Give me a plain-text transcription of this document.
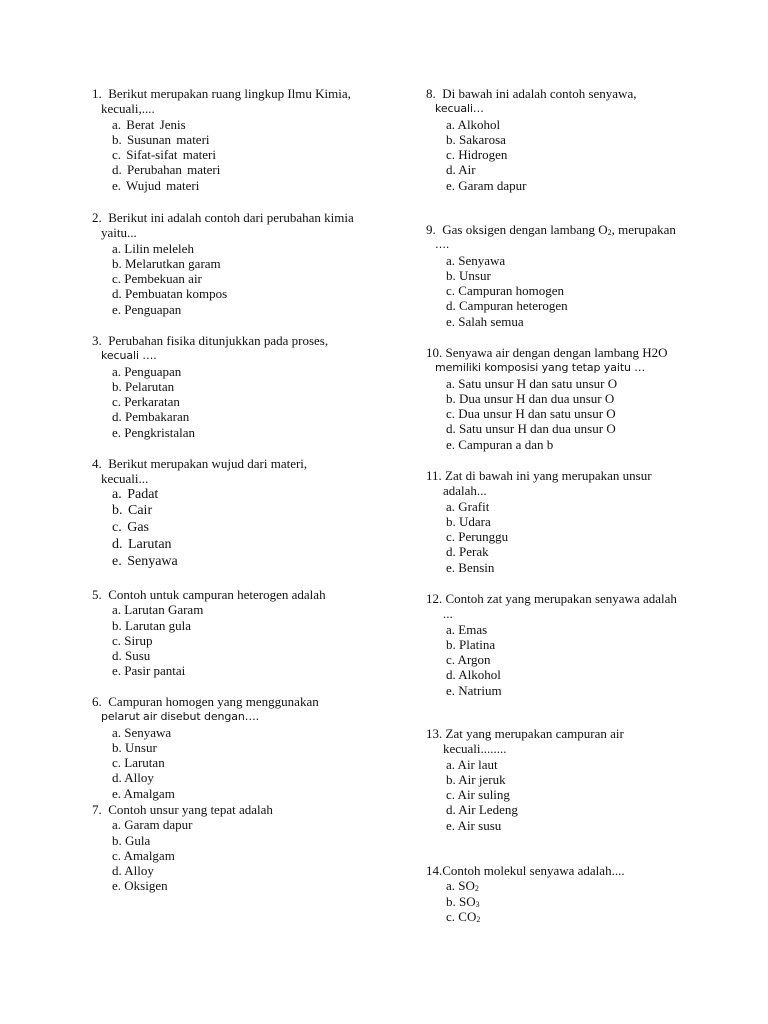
1. Berikut merupakan ruang lingkup Ilmu Kimia,
kecuali,....
a. Berat Jenis
b. Susunan materi
c. Sifat-sifat materi
d. Perubahan materi
e. Wujud materi
2. Berikut ini adalah contoh dari perubahan kimia
yaitu...
a. Lilin meleleh
b. Melarutkan garam
c. Pembekuan air
d. Pembuatan kompos
e. Penguapan
3. Perubahan fisika ditunjukkan pada proses,
kecuali ….
a. Penguapan
b. Pelarutan
c. Perkaratan
d. Pembakaran
e. Pengkristalan
4. Berikut merupakan wujud dari materi,
kecuali...
a. Padat
b. Cair
c. Gas
d. Larutan
e. Senyawa
5. Contoh untuk campuran heterogen adalah
a. Larutan Garam
b. Larutan gula
c. Sirup
d. Susu
e. Pasir pantai
6. Campuran homogen yang menggunakan
pelarut air disebut dengan….
a. Senyawa
b. Unsur
c. Larutan
d. Alloy
e. Amalgam
7. Contoh unsur yang tepat adalah
a. Garam dapur
b. Gula
c. Amalgam
d. Alloy
e. Oksigen
8. Di bawah ini adalah contoh senyawa,
kecuali…
a. Alkohol
b. Sakarosa
c. Hidrogen
d. Air
e. Garam dapur
9. Gas oksigen dengan lambang $O_2$, merupakan
….
a. Senyawa
b. Unsur
c. Campuran homogen
d. Campuran heterogen
e. Salah semua
10. Senyawa air dengan dengan lambang H2O
memiliki komposisi yang tetap yaitu …
a. Satu unsur H dan satu unsur O
b. Dua unsur H dan dua unsur O
c. Dua unsur H dan satu unsur O
d. Satu unsur H dan dua unsur O
e. Campuran a dan b
11. Zat di bawah ini yang merupakan unsur
adalah...
a. Grafit
b. Udara
c. Perunggu
d. Perak
e. Bensin
12. Contoh zat yang merupakan senyawa adalah
...
a. Emas
b. Platina
c. Argon
d. Alkohol
e. Natrium
13. Zat yang merupakan campuran air
kecuali........
a. Air laut
b. Air jeruk
c. Air suling
d. Air Ledeng
e. Air susu
14.Contoh molekul senyawa adalah....
a. $SO_2$
b. $SO_3$
c. $CO_2$
